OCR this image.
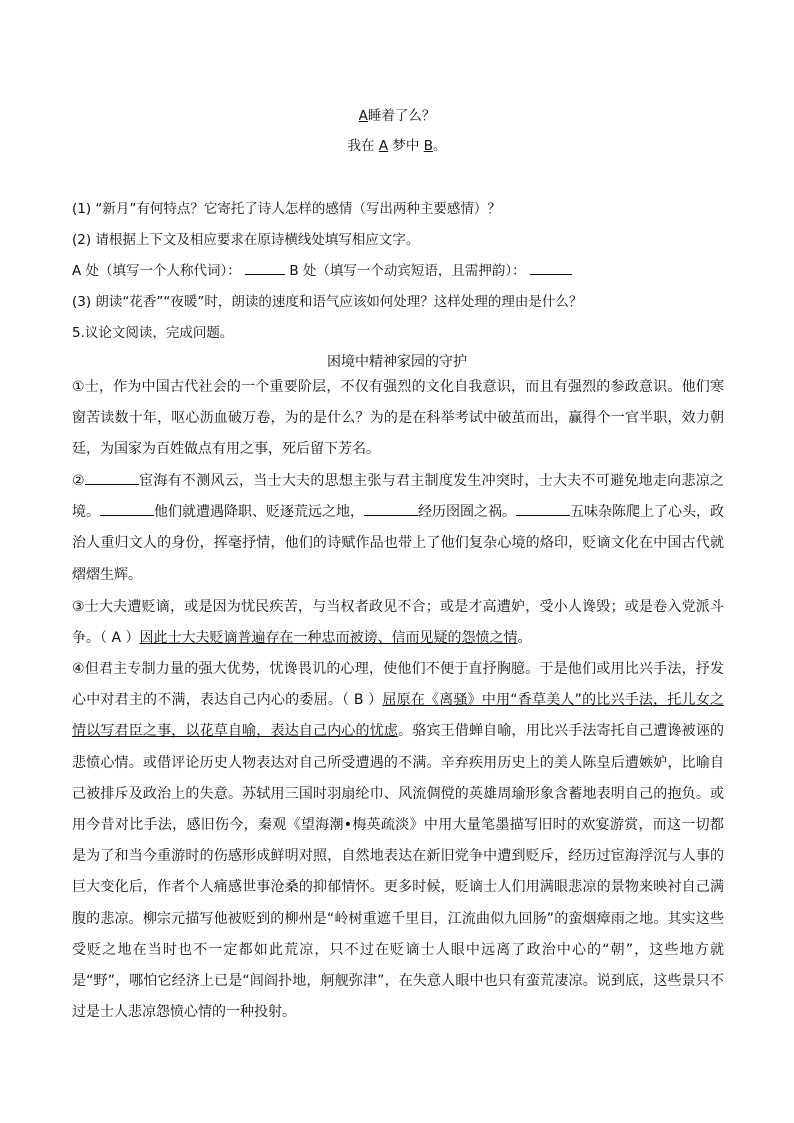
A睡着了么？
我在 A 梦中 B。
(1) “新月”有何特点？它寄托了诗人怎样的感情（写出两种主要感情）？
(2) 请根据上下文及相应要求在原诗横线处填写相应文字。
A 处（填写一个人称代词）：	B 处（填写一个动宾短语，且需押韵）：
(3) 朗读“花香”“夜暖”时，朗读的速度和语气应该如何处理？这样处理的理由是什么？
5.议论文阅读，完成问题。
困境中精神家园的守护
①士，作为中国古代社会的一个重要阶层，不仅有强烈的文化自我意识，而且有强烈的参政意识。他们寒窗苦读数十年，呕心沥血破万卷，为的是什么？为的是在科举考试中破茧而出，赢得个一官半职，效力朝廷，为国家为百姓做点有用之事，死后留下芳名。
②	宦海有不测风云，当士大夫的思想主张与君主制度发生冲突时，士大夫不可避免地走向悲凉之境。	他们就遭遇降职、贬逐荒远之地，	经历囹圄之祸。	五味杂陈爬上了心头，政治人重归文人的身份，挥毫抒情，他们的诗赋作品也带上了他们复杂心境的烙印，贬谪文化在中国古代就熠熠生辉。
③士大夫遭贬谪，或是因为忧民疾苦，与当权者政见不合；或是才高遭妒，受小人谗毁；或是卷入党派斗争。（ A ）因此士大夫贬谪普遍存在一种忠而被谤、信而见疑的怨愤之情。
④但君主专制力量的强大优势，忧谗畏讥的心理，使他们不便于直抒胸臆。于是他们或用比兴手法，抒发心中对君主的不满，表达自己内心的委屈。（ B ）屈原在《离骚》中用“香草美人”的比兴手法，托儿女之情以写君臣之事，以花草自喻，表达自己内心的忧虑。骆宾王借蝉自喻，用比兴手法寄托自己遭谗被诬的悲愤心情。或借评论历史人物表达对自己所受遭遇的不满。辛弃疾用历史上的美人陈皇后遭嫉妒，比喻自己被排斥及政治上的失意。苏轼用三国时羽扇纶巾、风流倜傥的英雄周瑜形象含蓄地表明自己的抱负。或用今昔对比手法，感旧伤今，秦观《望海潮•梅英疏淡》中用大量笔墨描写旧时的欢宴游赏，而这一切都是为了和当今重游时的伤感形成鲜明对照，自然地表达在新旧党争中遭到贬斥，经历过宦海浮沉与人事的巨大变化后，作者个人痛感世事沧桑的抑郁情怀。更多时候，贬谪士人们用满眼悲凉的景物来映衬自己满腹的悲凉。柳宗元描写他被贬到的柳州是“岭树重遮千里目，江流曲似九回肠”的蛮烟瘴雨之地。其实这些受贬之地在当时也不一定都如此荒凉，只不过在贬谪士人眼中远离了政治中心的“朝”，这些地方就是“野”，哪怕它经济上已是“闾阎扑地，舸舰弥津”，在失意人眼中也只有蛮荒凄凉。说到底，这些景只不过是士人悲凉怨愤心情的一种投射。
